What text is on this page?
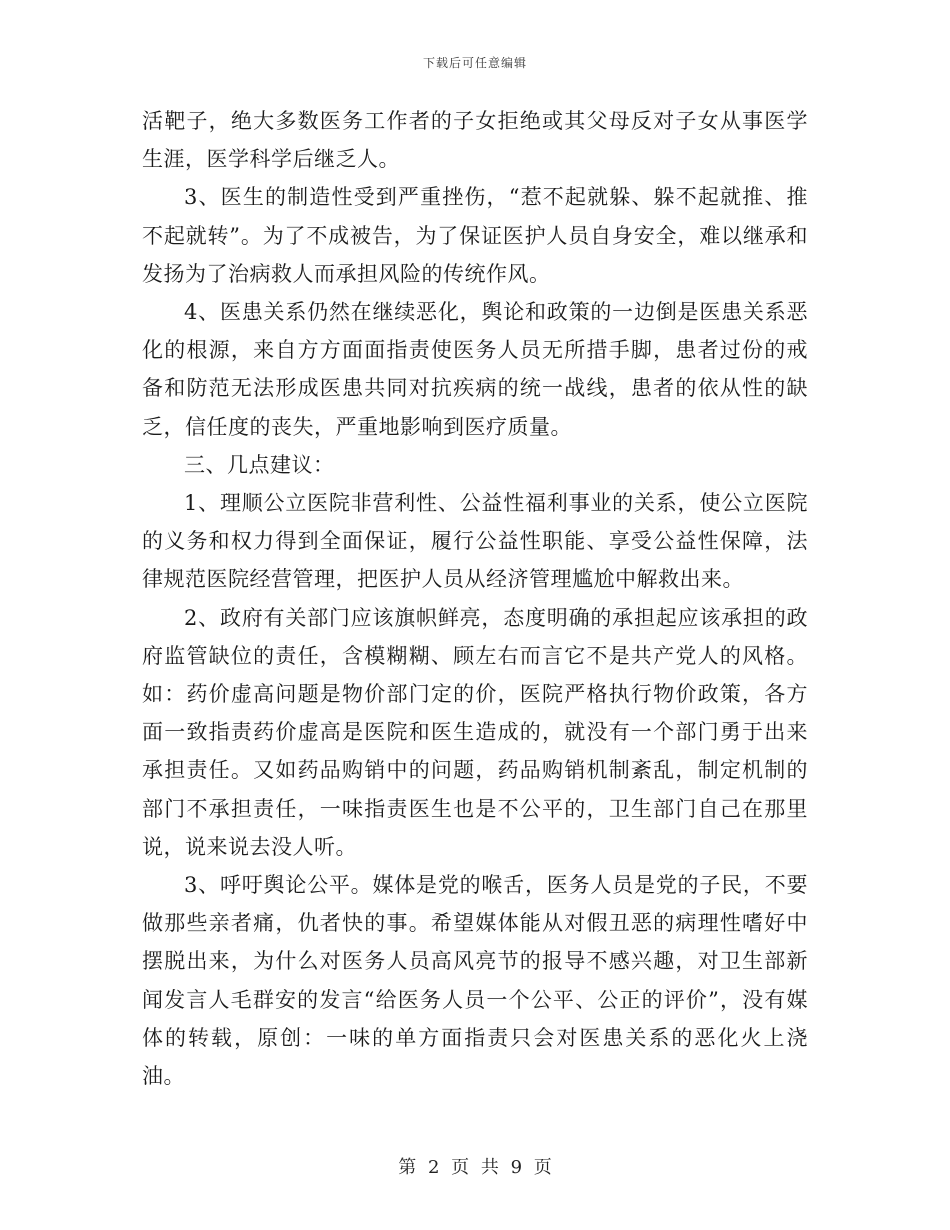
下载后可任意编辑

活靶子，绝大多数医务工作者的子女拒绝或其父母反对子女从事医学生涯，医学科学后继乏人。

3、医生的制造性受到严重挫伤，“惹不起就躲、躲不起就推、推不起就转”。为了不成被告，为了保证医护人员自身安全，难以继承和发扬为了治病救人而承担风险的传统作风。

4、医患关系仍然在继续恶化，舆论和政策的一边倒是医患关系恶化的根源，来自方方面面指责使医务人员无所措手脚，患者过份的戒备和防范无法形成医患共同对抗疾病的统一战线，患者的依从性的缺乏，信任度的丧失，严重地影响到医疗质量。

三、几点建议：

1、理顺公立医院非营利性、公益性福利事业的关系，使公立医院的义务和权力得到全面保证，履行公益性职能、享受公益性保障，法律规范医院经营管理，把医护人员从经济管理尴尬中解救出来。

2、政府有关部门应该旗帜鲜亮，态度明确的承担起应该承担的政府监管缺位的责任，含模糊糊、顾左右而言它不是共产党人的风格。如：药价虚高问题是物价部门定的价，医院严格执行物价政策，各方面一致指责药价虚高是医院和医生造成的，就没有一个部门勇于出来承担责任。又如药品购销中的问题，药品购销机制紊乱，制定机制的部门不承担责任，一味指责医生也是不公平的，卫生部门自己在那里说，说来说去没人听。

3、呼吁舆论公平。媒体是党的喉舌，医务人员是党的子民，不要做那些亲者痛，仇者快的事。希望媒体能从对假丑恶的病理性嗜好中摆脱出来，为什么对医务人员高风亮节的报导不感兴趣，对卫生部新闻发言人毛群安的发言“给医务人员一个公平、公正的评价”，没有媒体的转载，原创：一味的单方面指责只会对医患关系的恶化火上浇油。

第 2 页 共 9 页
